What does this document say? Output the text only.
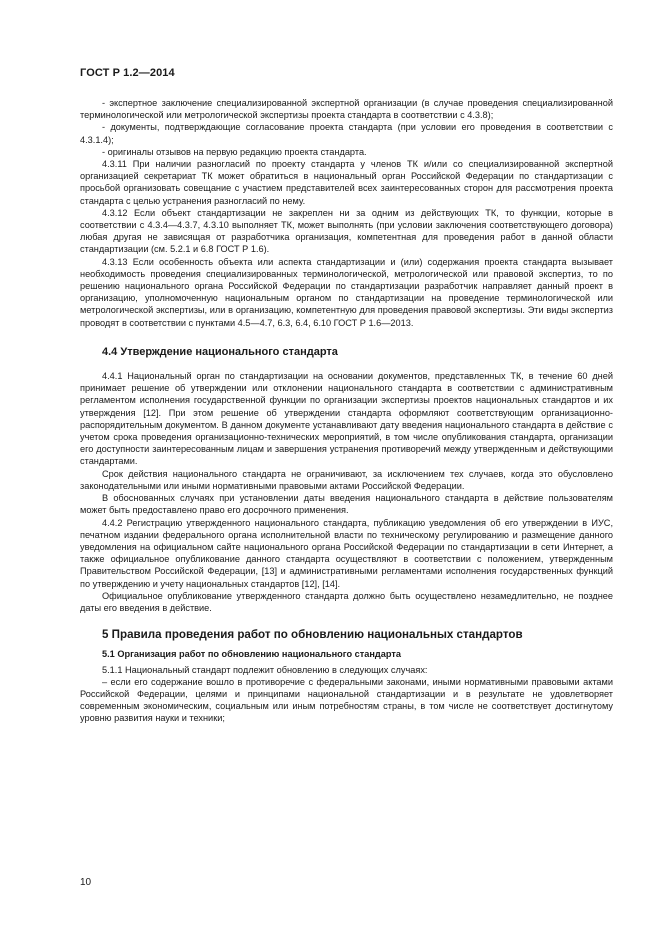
ГОСТ Р 1.2—2014

- экспертное заключение специализированной экспертной организации (в случае проведения специализированной терминологической или метрологической экспертизы проекта стандарта в соответствии с 4.3.8);

- документы, подтверждающие согласование проекта стандарта (при условии его проведения в соответствии с 4.3.1.4);

- оригиналы отзывов на первую редакцию проекта стандарта.

4.3.11 При наличии разногласий по проекту стандарта у членов ТК и/или со специализированной экспертной организацией секретариат ТК может обратиться в национальный орган Российской Федерации по стандартизации с просьбой организовать совещание с участием представителей всех заинтересованных сторон для рассмотрения проекта стандарта с целью устранения разногласий по нему.

4.3.12 Если объект стандартизации не закреплен ни за одним из действующих ТК, то функции, которые в соответствии с 4.3.4—4.3.7, 4.3.10 выполняет ТК, может выполнять (при условии заключения соответствующего договора) любая другая не зависящая от разработчика организация, компетентная для проведения работ в данной области стандартизации (см. 5.2.1 и 6.8 ГОСТ Р 1.6).

4.3.13 Если особенность объекта или аспекта стандартизации и (или) содержания проекта стандарта вызывает необходимость проведения специализированных терминологической, метрологической или правовой экспертиз, то по решению национального органа Российской Федерации по стандартизации разработчик направляет данный проект в организацию, уполномоченную национальным органом по стандартизации на проведение терминологической или метрологической экспертизы, или в организацию, компетентную для проведения правовой экспертизы. Эти виды экспертиз проводят в соответствии с пунктами 4.5—4.7, 6.3, 6.4, 6.10 ГОСТ Р 1.6—2013.

4.4 Утверждение национального стандарта

4.4.1 Национальный орган по стандартизации на основании документов, представленных ТК, в течение 60 дней принимает решение об утверждении или отклонении национального стандарта в соответствии с административным регламентом исполнения государственной функции по организации экспертизы проектов национальных стандартов и их утверждения [12]. При этом решение об утверждении стандарта оформляют соответствующим организационно-распорядительным документом. В данном документе устанавливают дату введения национального стандарта в действие с учетом срока проведения организационно-технических мероприятий, в том числе опубликования стандарта, организации его доступности заинтересованным лицам и завершения устранения противоречий между утвержденным и действующими стандартами.

Срок действия национального стандарта не ограничивают, за исключением тех случаев, когда это обусловлено законодательными или иными нормативными правовыми актами Российской Федерации.

В обоснованных случаях при установлении даты введения национального стандарта в действие пользователям может быть предоставлено право его досрочного применения.

4.4.2 Регистрацию утвержденного национального стандарта, публикацию уведомления об его утверждении в ИУС, печатном издании федерального органа исполнительной власти по техническому регулированию и размещение данного уведомления на официальном сайте национального органа Российской Федерации по стандартизации в сети Интернет, а также официальное опубликование данного стандарта осуществляют в соответствии с положением, утвержденным Правительством Российской Федерации, [13] и административными регламентами исполнения государственных функций по утверждению и учету национальных стандартов [12], [14].

Официальное опубликование утвержденного стандарта должно быть осуществлено незамедлительно, не позднее даты его введения в действие.

5 Правила проведения работ по обновлению национальных стандартов
5.1 Организация работ по обновлению национального стандарта

5.1.1 Национальный стандарт подлежит обновлению в следующих случаях:

– если его содержание вошло в противоречие с федеральными законами, иными нормативными правовыми актами Российской Федерации, целями и принципами национальной стандартизации и в результате не удовлетворяет современным экономическим, социальным или иным потребностям страны, в том числе не соответствует достигнутому уровню развития науки и техники;

10
